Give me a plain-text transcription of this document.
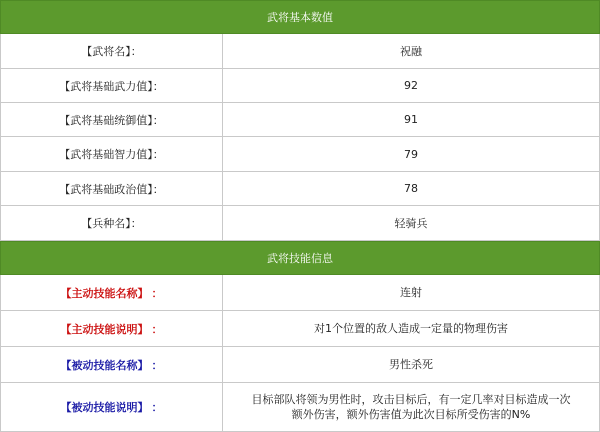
武将基本数值
【武将名】：	祝融
【武将基础武力值】：	92
【武将基础统御值】：	91
【武将基础智力值】：	79
【武将基础政治值】：	78
【兵种名】：	轻骑兵
武将技能信息
【主动技能名称】 ：	连射
【主动技能说明】 ：	对1个位置的敌人造成一定量的物理伤害
【被动技能名称】 ：	男性杀死
【被动技能说明】 ：
目标部队将领为男性时，攻击目标后，有一定几率对目标造成一次
额外伤害，额外伤害值为此次目标所受伤害的N%
